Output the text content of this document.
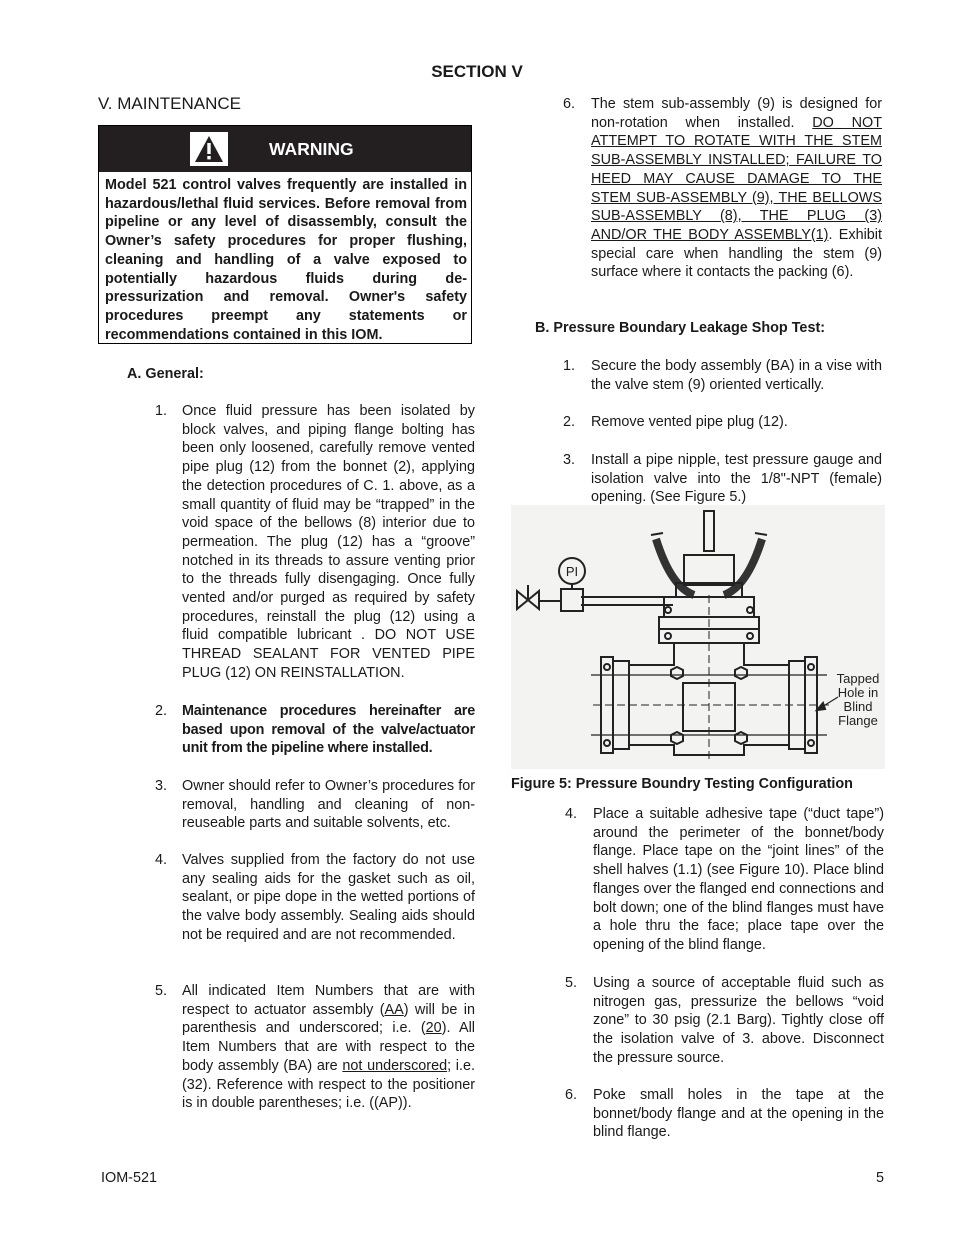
SECTION V
V. MAINTENANCE
WARNING
Model 521 control valves frequently are installed in hazardous/lethal fluid services. Before removal from pipeline or any level of disassembly, consult the Owner’s safety procedures for proper flushing, cleaning and handling of a valve exposed to potentially hazardous fluids during de-pressurization and removal. Owner's safety procedures preempt any statements or recommendations contained in this IOM.
A. General:
1.	Once fluid pressure has been isolated by block valves, and piping flange bolting has been only loosened, carefully remove vented pipe plug (12) from the bonnet (2), applying the detection procedures of C. 1. above, as a small quantity of fluid may be “trapped” in the void space of the bellows (8) interior due to permeation. The plug (12) has a “groove” notched in its threads to assure venting prior to the threads fully disengaging. Once fully vented and/or purged as required by safety procedures, reinstall the plug (12) using a fluid compatible lubricant . DO NOT USE THREAD SEALANT FOR VENTED PIPE PLUG (12) ON REINSTALLATION.
2.	Maintenance procedures hereinafter are based upon removal of the valve/actuator unit from the pipeline where installed.
3.	Owner should refer to Owner’s procedures for removal, handling and cleaning of non-reuseable parts and suitable solvents, etc.
4.	Valves supplied from the factory do not use any sealing aids for the gasket such as oil, sealant, or pipe dope in the wetted portions of the valve body assembly. Sealing aids should not be required and are not recommended.
5.	All indicated Item Numbers that are with respect to actuator assembly (AA) will be in parenthesis and underscored; i.e. (20). All Item Numbers that are with respect to the body assembly (BA) are not underscored; i.e. (32). Reference with respect to the positioner is in double parentheses; i.e. ((AP)).
6.	The stem sub-assembly (9) is designed for non-rotation when installed. DO NOT ATTEMPT TO ROTATE WITH THE STEM SUB-ASSEMBLY INSTALLED; FAILURE TO HEED MAY CAUSE DAMAGE TO THE STEM SUB-ASSEMBLY (9), THE BELLOWS SUB-ASSEMBLY (8), THE PLUG (3) AND/OR THE BODY ASSEMBLY(1). Exhibit special care when handling the stem (9) surface where it contacts the packing (6).
B. Pressure Boundary Leakage Shop Test:
1.	Secure the body assembly (BA) in a vise with the valve stem (9) oriented vertically.
2.	Remove vented pipe plug (12).
3.	Install a pipe nipple, test pressure gauge and isolation valve into the 1/8"-NPT (female) opening. (See Figure 5.)
PI
Tapped
Hole in
Blind
Flange
Figure 5: Pressure Boundry Testing Configuration
4.	Place a suitable adhesive tape (“duct tape”) around the perimeter of the bonnet/body flange. Place tape on the “joint lines” of the shell halves (1.1) (see Figure 10). Place blind flanges over the flanged end connections and bolt down; one of the blind flanges must have a hole thru the face; place tape over the opening of the blind flange.
5.	Using a source of acceptable fluid such as nitrogen gas, pressurize the bellows “void zone” to 30 psig (2.1 Barg). Tightly close off the isolation valve of 3. above. Disconnect the pressure source.
6.	Poke small holes in the tape at the bonnet/body flange and at the opening in the blind flange.
IOM-521	5
